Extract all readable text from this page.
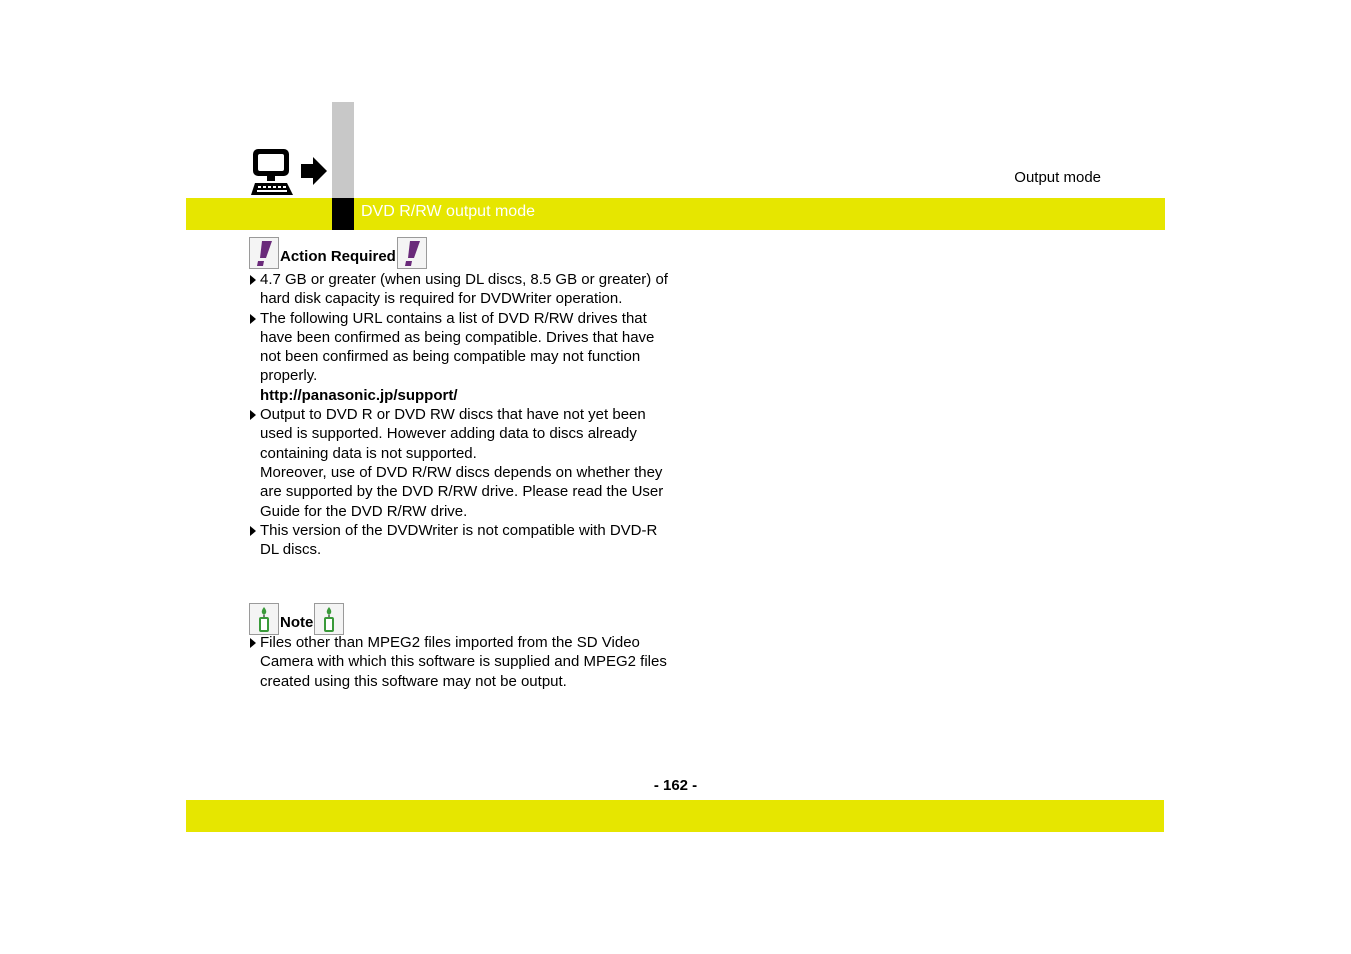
Output mode
DVD R/RW output mode
Action Required
4.7 GB or greater (when using DL discs, 8.5 GB or greater) of hard disk capacity is required for DVDWriter operation.
The following URL contains a list of DVD R/RW drives that have been confirmed as being compatible. Drives that have not been confirmed as being compatible may not function properly.
http://panasonic.jp/support/
Output to DVD R or DVD RW discs that have not yet been used is supported. However adding data to discs already containing data is not supported.
Moreover, use of DVD R/RW discs depends on whether they are supported by the DVD R/RW drive. Please read the User Guide for the DVD R/RW drive.
This version of the DVDWriter is not compatible with DVD-R DL discs.
Note
Files other than MPEG2 files imported from the SD Video Camera with which this software is supplied and MPEG2 files created using this software may not be output.
- 162 -
